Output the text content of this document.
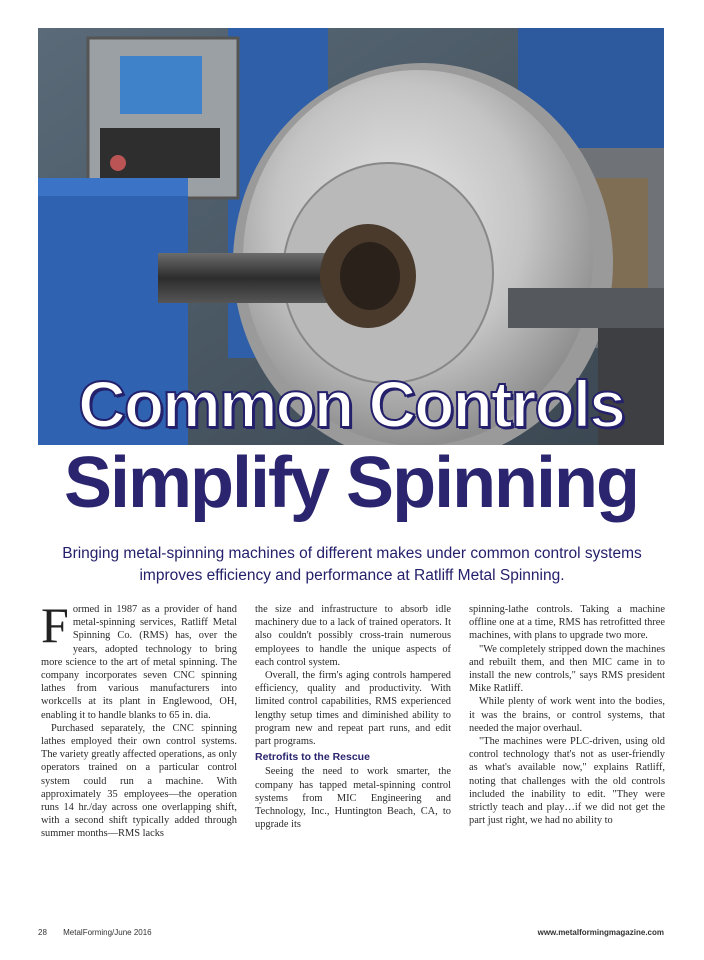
Common Controls
Simplify Spinning
Bringing metal-spinning machines of different makes under common control systems improves efficiency and performance at Ratliff Metal Spinning.

Formed in 1987 as a provider of hand metal-spinning services, Ratliff Metal Spinning Co. (RMS) has, over the years, adopted technology to bring more science to the art of metal spinning. The company incorporates seven CNC spinning lathes from various manufacturers into workcells at its plant in Englewood, OH, enabling it to handle blanks to 65 in. dia.

Purchased separately, the CNC spinning lathes employed their own control systems. The variety greatly affected operations, as only operators trained on a particular control system could run a machine. With approximately 35 employees—the operation runs 14 hr./day across one overlapping shift, with a second shift typically added through summer months—RMS lacks

the size and infrastructure to absorb idle machinery due to a lack of trained operators. It also couldn't possibly cross-train numerous employees to handle the unique aspects of each control system.

Overall, the firm's aging controls hampered efficiency, quality and productivity. With limited control capabilities, RMS experienced lengthy setup times and diminished ability to program new and repeat part runs, and edit part programs.

Retrofits to the Rescue

Seeing the need to work smarter, the company has tapped metal-spinning control systems from MIC Engineering and Technology, Inc., Huntington Beach, CA, to upgrade its

spinning-lathe controls. Taking a machine offline one at a time, RMS has retrofitted three machines, with plans to upgrade two more.

"We completely stripped down the machines and rebuilt them, and then MIC came in to install the new controls," says RMS president Mike Ratliff.

While plenty of work went into the bodies, it was the brains, or control systems, that needed the major overhaul.

"The machines were PLC-driven, using old control technology that's not as user-friendly as what's available now," explains Ratliff, noting that challenges with the old controls included the inability to edit. "They were strictly teach and play…if we did not get the part just right, we had no ability to

28 MetalForming/June 2016	www.metalformingmagazine.com
